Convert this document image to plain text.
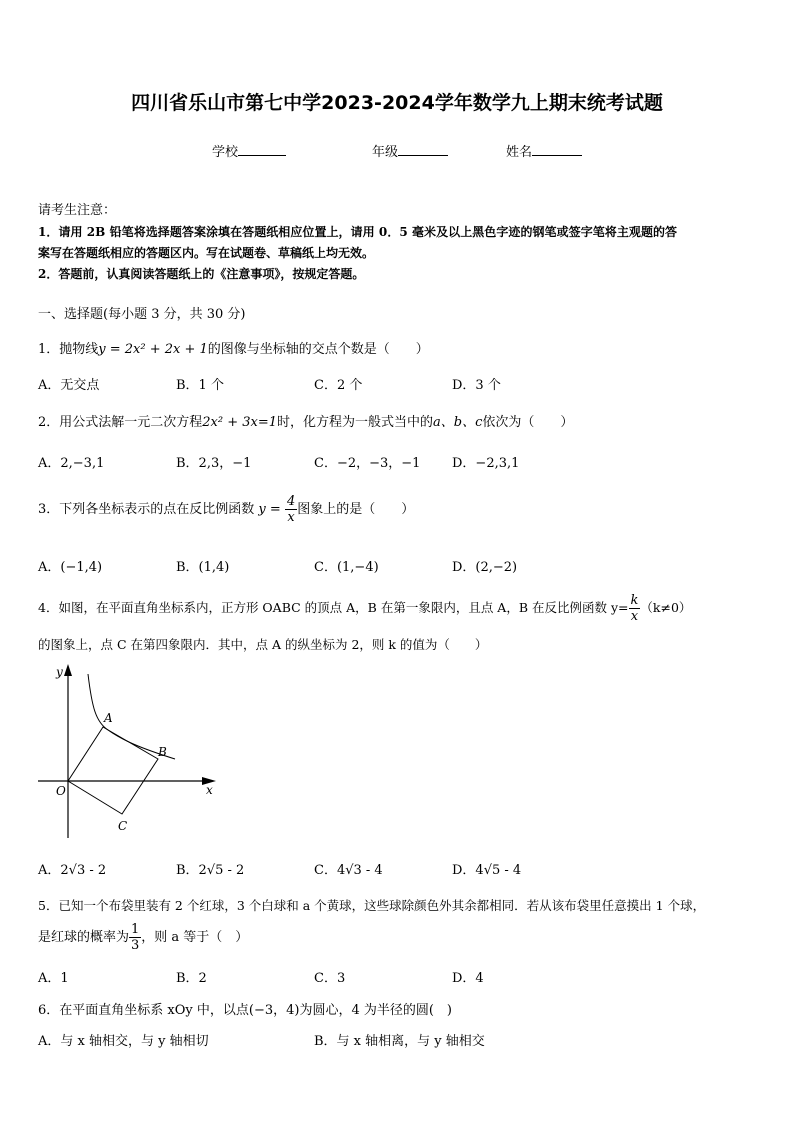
四川省乐山市第七中学2023-2024学年数学九上期末统考试题
学校	年级	姓名
请考生注意：
1．请用 2B 铅笔将选择题答案涂填在答题纸相应位置上，请用 0．5 毫米及以上黑色字迹的钢笔或签字笔将主观题的答
案写在答题纸相应的答题区内。写在试题卷、草稿纸上均无效。
2．答题前，认真阅读答题纸上的《注意事项》，按规定答题。
一、选择题(每小题 3 分，共 30 分)
1．抛物线y = 2x² + 2x + 1的图像与坐标轴的交点个数是（　　）
A．无交点	B．1 个	C．2 个	D．3 个
2．用公式法解一元二次方程2x² + 3x=1时，化方程为一般式当中的a、b、c依次为（　　）
A．2,−3,1	B．2,3，−1	C．−2，−3，−1 D．−2,3,1
3．下列各坐标表示的点在反比例函数 $y = \frac{4}{x}$ 图象上的是（　　）
A．(−1,4)	B．(1,4)	C．(1,−4)	D．(2,−2)
4．如图，在平面直角坐标系内，正方形 OABC 的顶点 A，B 在第一象限内，且点 A，B 在反比例函数 $y= \frac{k}{x} (k\ne 0)$
的图象上，点 C 在第四象限内．其中，点 A 的纵坐标为 2，则 k 的值为（　　）
y
x
O
A
B
C
A．2√3 - 2	B．2√5 - 2	C．4√3 - 4	D．4√5 - 4
5．已知一个布袋里装有 2 个红球，3 个白球和 a 个黄球，这些球除颜色外其余都相同．若从该布袋里任意摸出 1 个球，
是红球的概率为 $\frac{1}{3}$ ，则 a 等于（　）
A．1	B．2	C．3	D．4
6．在平面直角坐标系 xOy 中，以点(−3，4)为圆心，4 为半径的圆(　)
A．与 x 轴相交，与 y 轴相切	B．与 x 轴相离，与 y 轴相交
